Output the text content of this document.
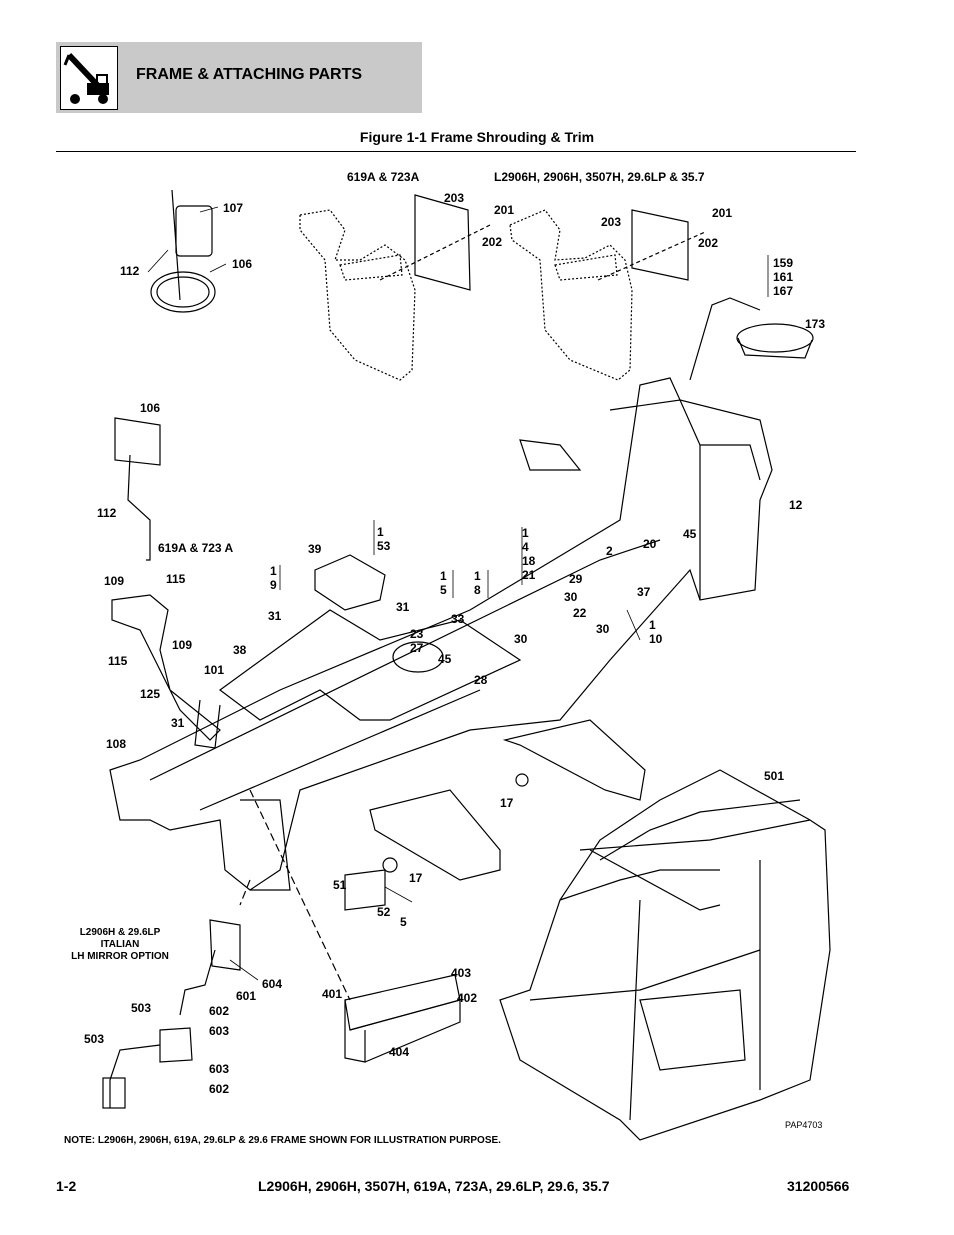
FRAME & ATTACHING PARTS
Figure 1-1 Frame Shrouding & Trim
107
112	106
203
201
202
203
201
202
159
161
167
173
106
112
619A & 723 A
109	115
115
109
125
101
31
108
38
39
1
53
1
9
31
31
1
5
1
8
33
23
27
45
28
1
4
18
21
30
2	20
45
12
29
30
22
30
37
1
10
17
51	17
52
5
501
604
601
602
603
503
503
603
602
401
403
402
404
619A & 723A	L2906H, 2906H, 3507H, 29.6LP & 35.7
L2906H & 29.6LP
ITALIAN
LH MIRROR OPTION
PAP4703
NOTE: L2906H, 2906H, 619A, 29.6LP & 29.6 FRAME SHOWN FOR ILLUSTRATION PURPOSE.
1-2	L2906H, 2906H, 3507H, 619A, 723A, 29.6LP, 29.6, 35.7	31200566
